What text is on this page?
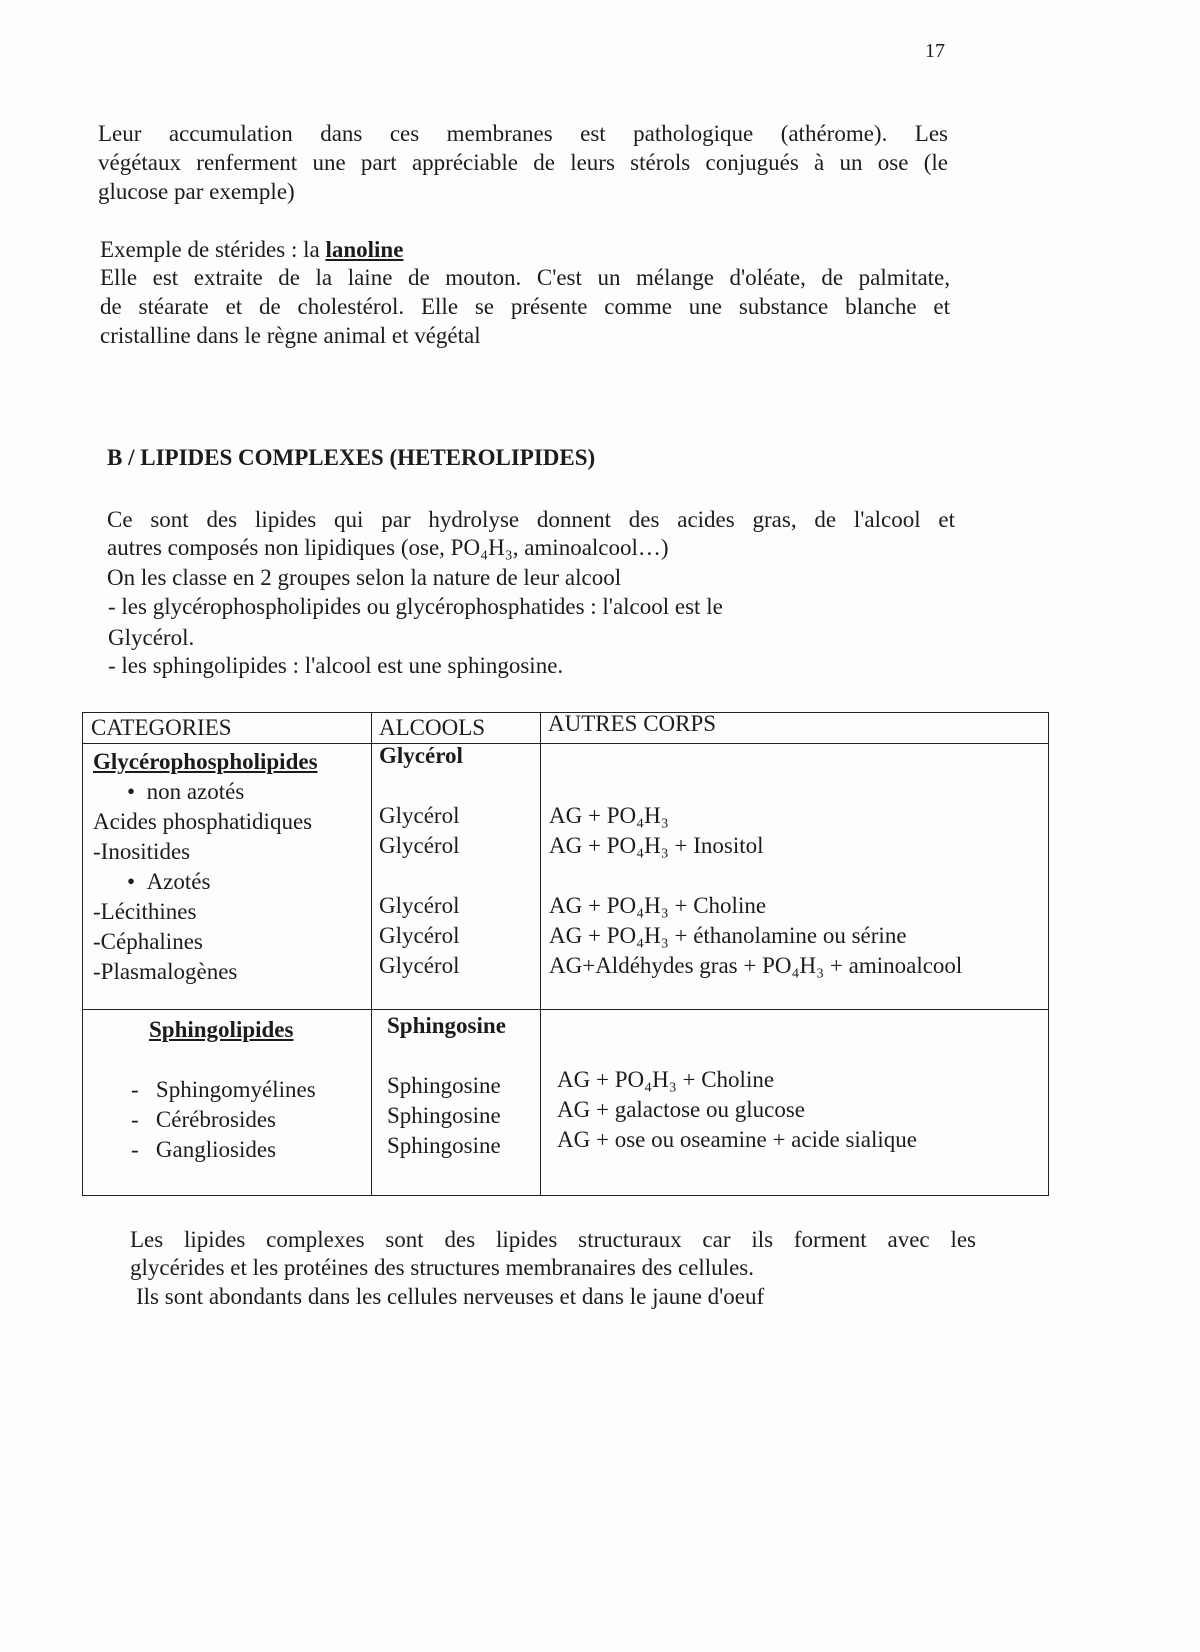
17
Leur accumulation dans ces membranes est pathologique (athérome). Les
végétaux renferment une part appréciable de leurs stérols conjugués à un ose (le
glucose par exemple)
Exemple de stérides : la lanoline
Elle est extraite de la laine de mouton. C'est un mélange d'oléate, de palmitate,
de stéarate et de cholestérol. Elle se présente comme une substance blanche et
cristalline dans le règne animal et végétal
B / LIPIDES COMPLEXES (HETEROLIPIDES)
Ce sont des lipides qui par hydrolyse donnent des acides gras, de l'alcool et
autres composés non lipidiques (ose, PO₄H₃, aminoalcool…)
On les classe en 2 groupes selon la nature de leur alcool
- les glycérophospholipides ou glycérophosphatides : l'alcool est le
Glycérol.
- les sphingolipides : l'alcool est une sphingosine.
CATEGORIES	ALCOOLS	AUTRES CORPS
Glycérophospholipides
•  non azotés
Acides phosphatidiques
-Inositides
•  Azotés
-Lécithines
-Céphalines
-Plasmalogènes
Glycérol
Glycérol
Glycérol
Glycérol
Glycérol
Glycérol
AG + PO₄H₃
AG + PO₄H₃ + Inositol
AG + PO₄H₃ + Choline
AG + PO₄H₃ + éthanolamine ou sérine
AG+Aldéhydes gras + PO₄H₃ + aminoalcool
Sphingolipides
-   Sphingomyélines
-   Cérébrosides
-   Gangliosides
Sphingosine
Sphingosine
Sphingosine
Sphingosine
AG + PO₄H₃ + Choline
AG + galactose ou glucose
AG + ose ou oseamine + acide sialique
Les lipides complexes sont des lipides structuraux car ils forment avec les
glycérides et les protéines des structures membranaires des cellules.
Ils sont abondants dans les cellules nerveuses et dans le jaune d'oeuf
